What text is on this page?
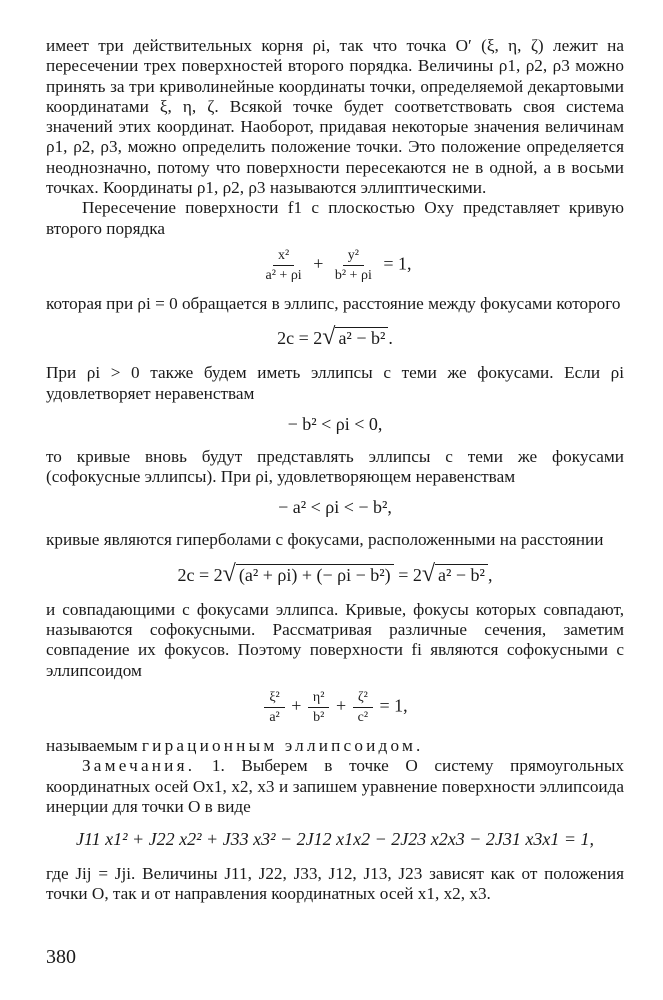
имеет три действительных корня ρi, так что точка O′ (ξ, η, ζ) лежит на пересечении трех поверхностей второго порядка. Величины ρ1, ρ2, ρ3 можно принять за три криволинейные координаты точки, определяемой декартовыми координатами ξ, η, ζ. Всякой точке будет соответствовать своя система значений этих координат. Наоборот, придавая некоторые значения величинам ρ1, ρ2, ρ3, можно определить положение точки. Это положение определяется неоднозначно, потому что поверхности пересекаются не в одной, а в восьми точках. Координаты ρ1, ρ2, ρ3 называются эллиптическими.

Пересечение поверхности f1 с плоскостью Oxy представляет кривую второго порядка

$\frac{\text{x²}}{\text{a² + ρi}} + \frac{\text{y²}}{\text{b² + ρi}} = 1$,

которая при ρi = 0 обращается в эллипс, расстояние между фокусами которого

2c = 2√ a² − b² .

При ρi > 0 также будем иметь эллипсы с теми же фокусами. Если ρi удовлетворяет неравенствам

− b² < ρi < 0,

то кривые вновь будут представлять эллипсы с теми же фокусами (софокусные эллипсы). При ρi, удовлетворяющем неравенствам

− a² < ρi < − b²,

кривые являются гиперболами с фокусами, расположенными на расстоянии

2c = 2√ (a² + ρi) + (− ρi − b²) = 2√ a² − b² ,

и совпадающими с фокусами эллипса. Кривые, фокусы которых совпадают, называются софокусными. Рассматривая различные сечения, заметим совпадение их фокусов. Поэтому поверхности fi являются софокусными с эллипсоидом

$\frac{\text{ξ²}}{\text{a²}} + \frac{\text{η²}}{\text{b²}} + \frac{\text{ζ²}}{\text{c²}} = 1$,

называемым гирационным эллипсоидом.

Замечания. 1. Выберем в точке O систему прямоугольных координатных осей Ox1, x2, x3 и запишем уравнение поверхности эллипсоида инерции для точки O в виде

J11 x1² + J22 x2² + J33 x3² − 2J12 x1x2 − 2J23 x2x3 − 2J31 x3x1 = 1,

где Jij = Jji. Величины J11, J22, J33, J12, J13, J23 зависят как от положения точки O, так и от направления координатных осей x1, x2, x3.

380
